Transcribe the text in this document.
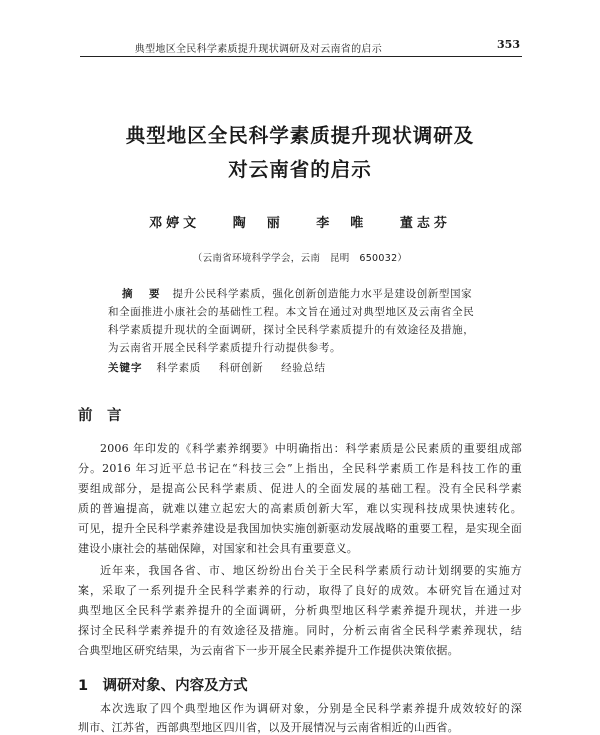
典型地区全民科学素质提升现状调研及对云南省的启示	353
典型地区全民科学素质提升现状调研及
对云南省的启示
邓婷文	陶　丽	李　唯	董志芬
（云南省环境科学学会，云南　昆明　650032）
摘　要 提升公民科学素质，强化创新创造能力水平是建设创新型国家
和全面推进小康社会的基础性工程。本文旨在通过对典型地区及云南省全民
科学素质提升现状的全面调研，探讨全民科学素质提升的有效途径及措施，
为云南省开展全民科学素质提升行动提供参考。
关键字 科学素质 科研创新 经验总结
前　言
2006 年印发的《科学素养纲要》中明确指出：科学素质是公民素质的重要组成部
分。2016 年习近平总书记在“科技三会”上指出，全民科学素质工作是科技工作的重
要组成部分，是提高公民科学素质、促进人的全面发展的基础工程。没有全民科学素
质的普遍提高，就难以建立起宏大的高素质创新大军，难以实现科技成果快速转化。
可见，提升全民科学素养建设是我国加快实施创新驱动发展战略的重要工程，是实现全面
建设小康社会的基础保障，对国家和社会具有重要意义。
近年来，我国各省、市、地区纷纷出台关于全民科学素质行动计划纲要的实施方
案，采取了一系列提升全民科学素养的行动，取得了良好的成效。本研究旨在通过对
典型地区全民科学素养提升的全面调研，分析典型地区科学素养提升现状，并进一步
探讨全民科学素养提升的有效途径及措施。同时，分析云南省全民科学素养现状，结
合典型地区研究结果，为云南省下一步开展全民素养提升工作提供决策依据。
1　调研对象、内容及方式
本次选取了四个典型地区作为调研对象，分别是全民科学素养提升成效较好的深
圳市、江苏省，西部典型地区四川省，以及开展情况与云南省相近的山西省。
